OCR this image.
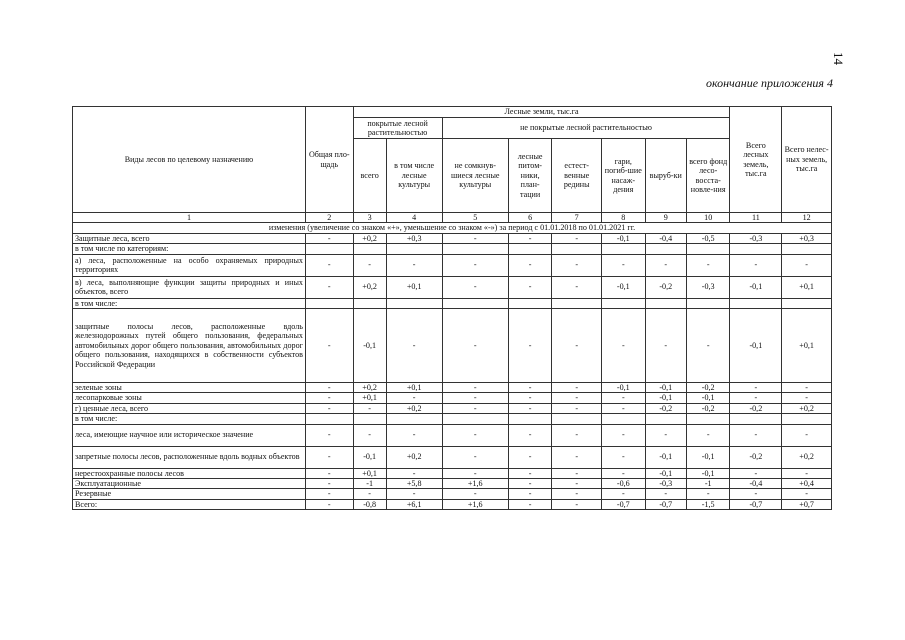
14
окончание приложения 4
Виды лесов по целевому назначению	Общая пло-щадь	Лесные земли, тыс.га								Всего лесных земель, тыс.га	Всего нелес-ных земель, тыс.га
		покрытые лесной растительностью		не покрытые лесной растительностью							
		всего	в том числе лесные культуры	не сомкнув-шиеся лесные культуры	лесные питом-ники, план-тации	естест-венные редины	гари, погиб-шие насаж-дения	выруб-ки	всего фонд лесо-восста-новле-ния		
1	2	3	4	5	6	7	8	9	10	11	12
изменения (увеличение со знаком «+», уменьшение со знаком «-») за период с 01.01.2018 по 01.01.2021 гг.											
Защитные леса, всего	-	+0,2	+0,3	-	-	-	-0,1	-0,4	-0,5	-0,3	+0,3
в том числе по категориям:											
а) леса, расположенные на особо охраняемых природных территориях	-	-	-	-	-	-	-	-	-	-	-
в) леса, выполняющие функции защиты природных и иных объектов, всего	-	+0,2	+0,1	-	-	-	-0,1	-0,2	-0,3	-0,1	+0,1
в том числе:											
защитные полосы лесов, расположенные вдоль железнодорожных путей общего пользования, федеральных автомобильных дорог общего пользования, автомобильных дорог общего пользования, находящихся в собственности субъектов Российской Федерации	-	-0,1	-	-	-	-	-	-	-	-0,1	+0,1
зеленые зоны	-	+0,2	+0,1	-	-	-	-0,1	-0,1	-0,2	-	-
лесопарковые зоны	-	+0,1	-	-	-	-	-	-0,1	-0,1	-	-
г) ценные леса, всего	-	-	+0,2	-	-	-	-	-0,2	-0,2	-0,2	+0,2
в том числе:											
леса, имеющие научное или историческое значение	-	-	-	-	-	-	-	-	-	-	-
запретные полосы лесов, расположенные вдоль водных объектов	-	-0,1	+0,2	-	-	-	-	-0,1	-0,1	-0,2	+0,2
нерестоохранные полосы лесов	-	+0,1	-	-	-	-	-	-0,1	-0,1	-	-
Эксплуатационные	-	-1	+5,8	+1,6	-	-	-0,6	-0,3	-1	-0,4	+0,4
Резервные	-	-	-	-	-	-	-	-	-	-	-
Всего:	-	-0,8	+6,1	+1,6	-	-	-0,7	-0,7	-1,5	-0,7	+0,7
